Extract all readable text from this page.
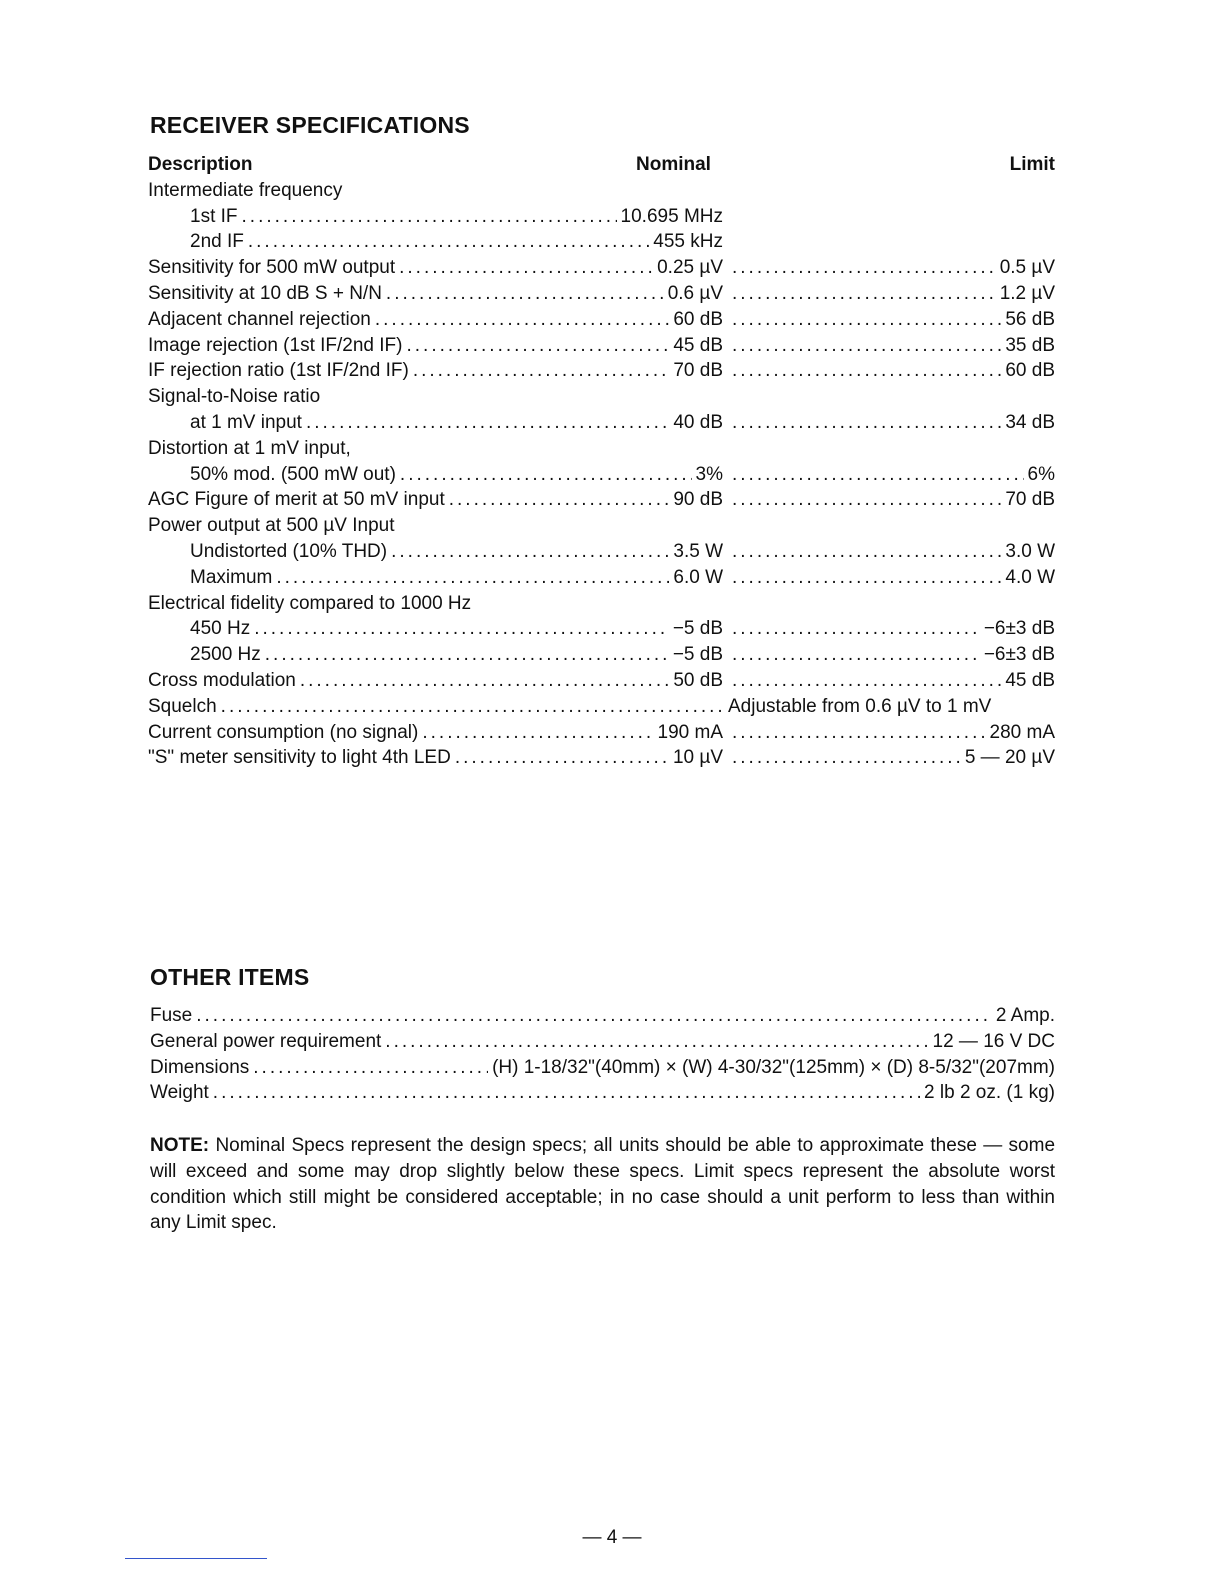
RECEIVER SPECIFICATIONS
Description	Nominal	Limit
Intermediate frequency
1st IF .....	10.695 MHz
2nd IF .....	455 kHz
Sensitivity for 500 mW output .....	0.25 µV .....	0.5 µV
Sensitivity at 10 dB S + N/N .....	0.6 µV .....	1.2 µV
Adjacent channel rejection .....	60 dB .....	56 dB
Image rejection (1st IF/2nd IF) .....	45 dB .....	35 dB
IF rejection ratio (1st IF/2nd IF) .....	70 dB .....	60 dB
Signal-to-Noise ratio
at 1 mV input .....	40 dB .....	34 dB
Distortion at 1 mV input,
50% mod. (500 mW out) .....	3% .....	6%
AGC Figure of merit at 50 mV input .....	90 dB .....	70 dB
Power output at 500 µV Input
Undistorted (10% THD) .....	3.5 W .....	3.0 W
Maximum .....	6.0 W .....	4.0 W
Electrical fidelity compared to 1000 Hz
450 Hz .....	−5 dB .....	−6±3 dB
2500 Hz .....	−5 dB .....	−6±3 dB
Cross modulation .....	50 dB .....	45 dB
Squelch .....	Adjustable from 0.6 µV to 1 mV
Current consumption (no signal) .....	190 mA .....	280 mA
"S" meter sensitivity to light 4th LED .....	10 µV .....	5 — 20 µV
OTHER ITEMS
Fuse .....	2 Amp.
General power requirement .....	12 — 16 V DC
Dimensions .....	(H) 1-18/32"(40mm) × (W) 4-30/32"(125mm) × (D) 8-5/32"(207mm)
Weight .....	2 lb 2 oz. (1 kg)
NOTE: Nominal Specs represent the design specs; all units should be able to approximate these — some will exceed and some may drop slightly below these specs. Limit specs represent the absolute worst condition which still might be considered acceptable; in no case should a unit perform to less than within any Limit spec.
— 4 —
